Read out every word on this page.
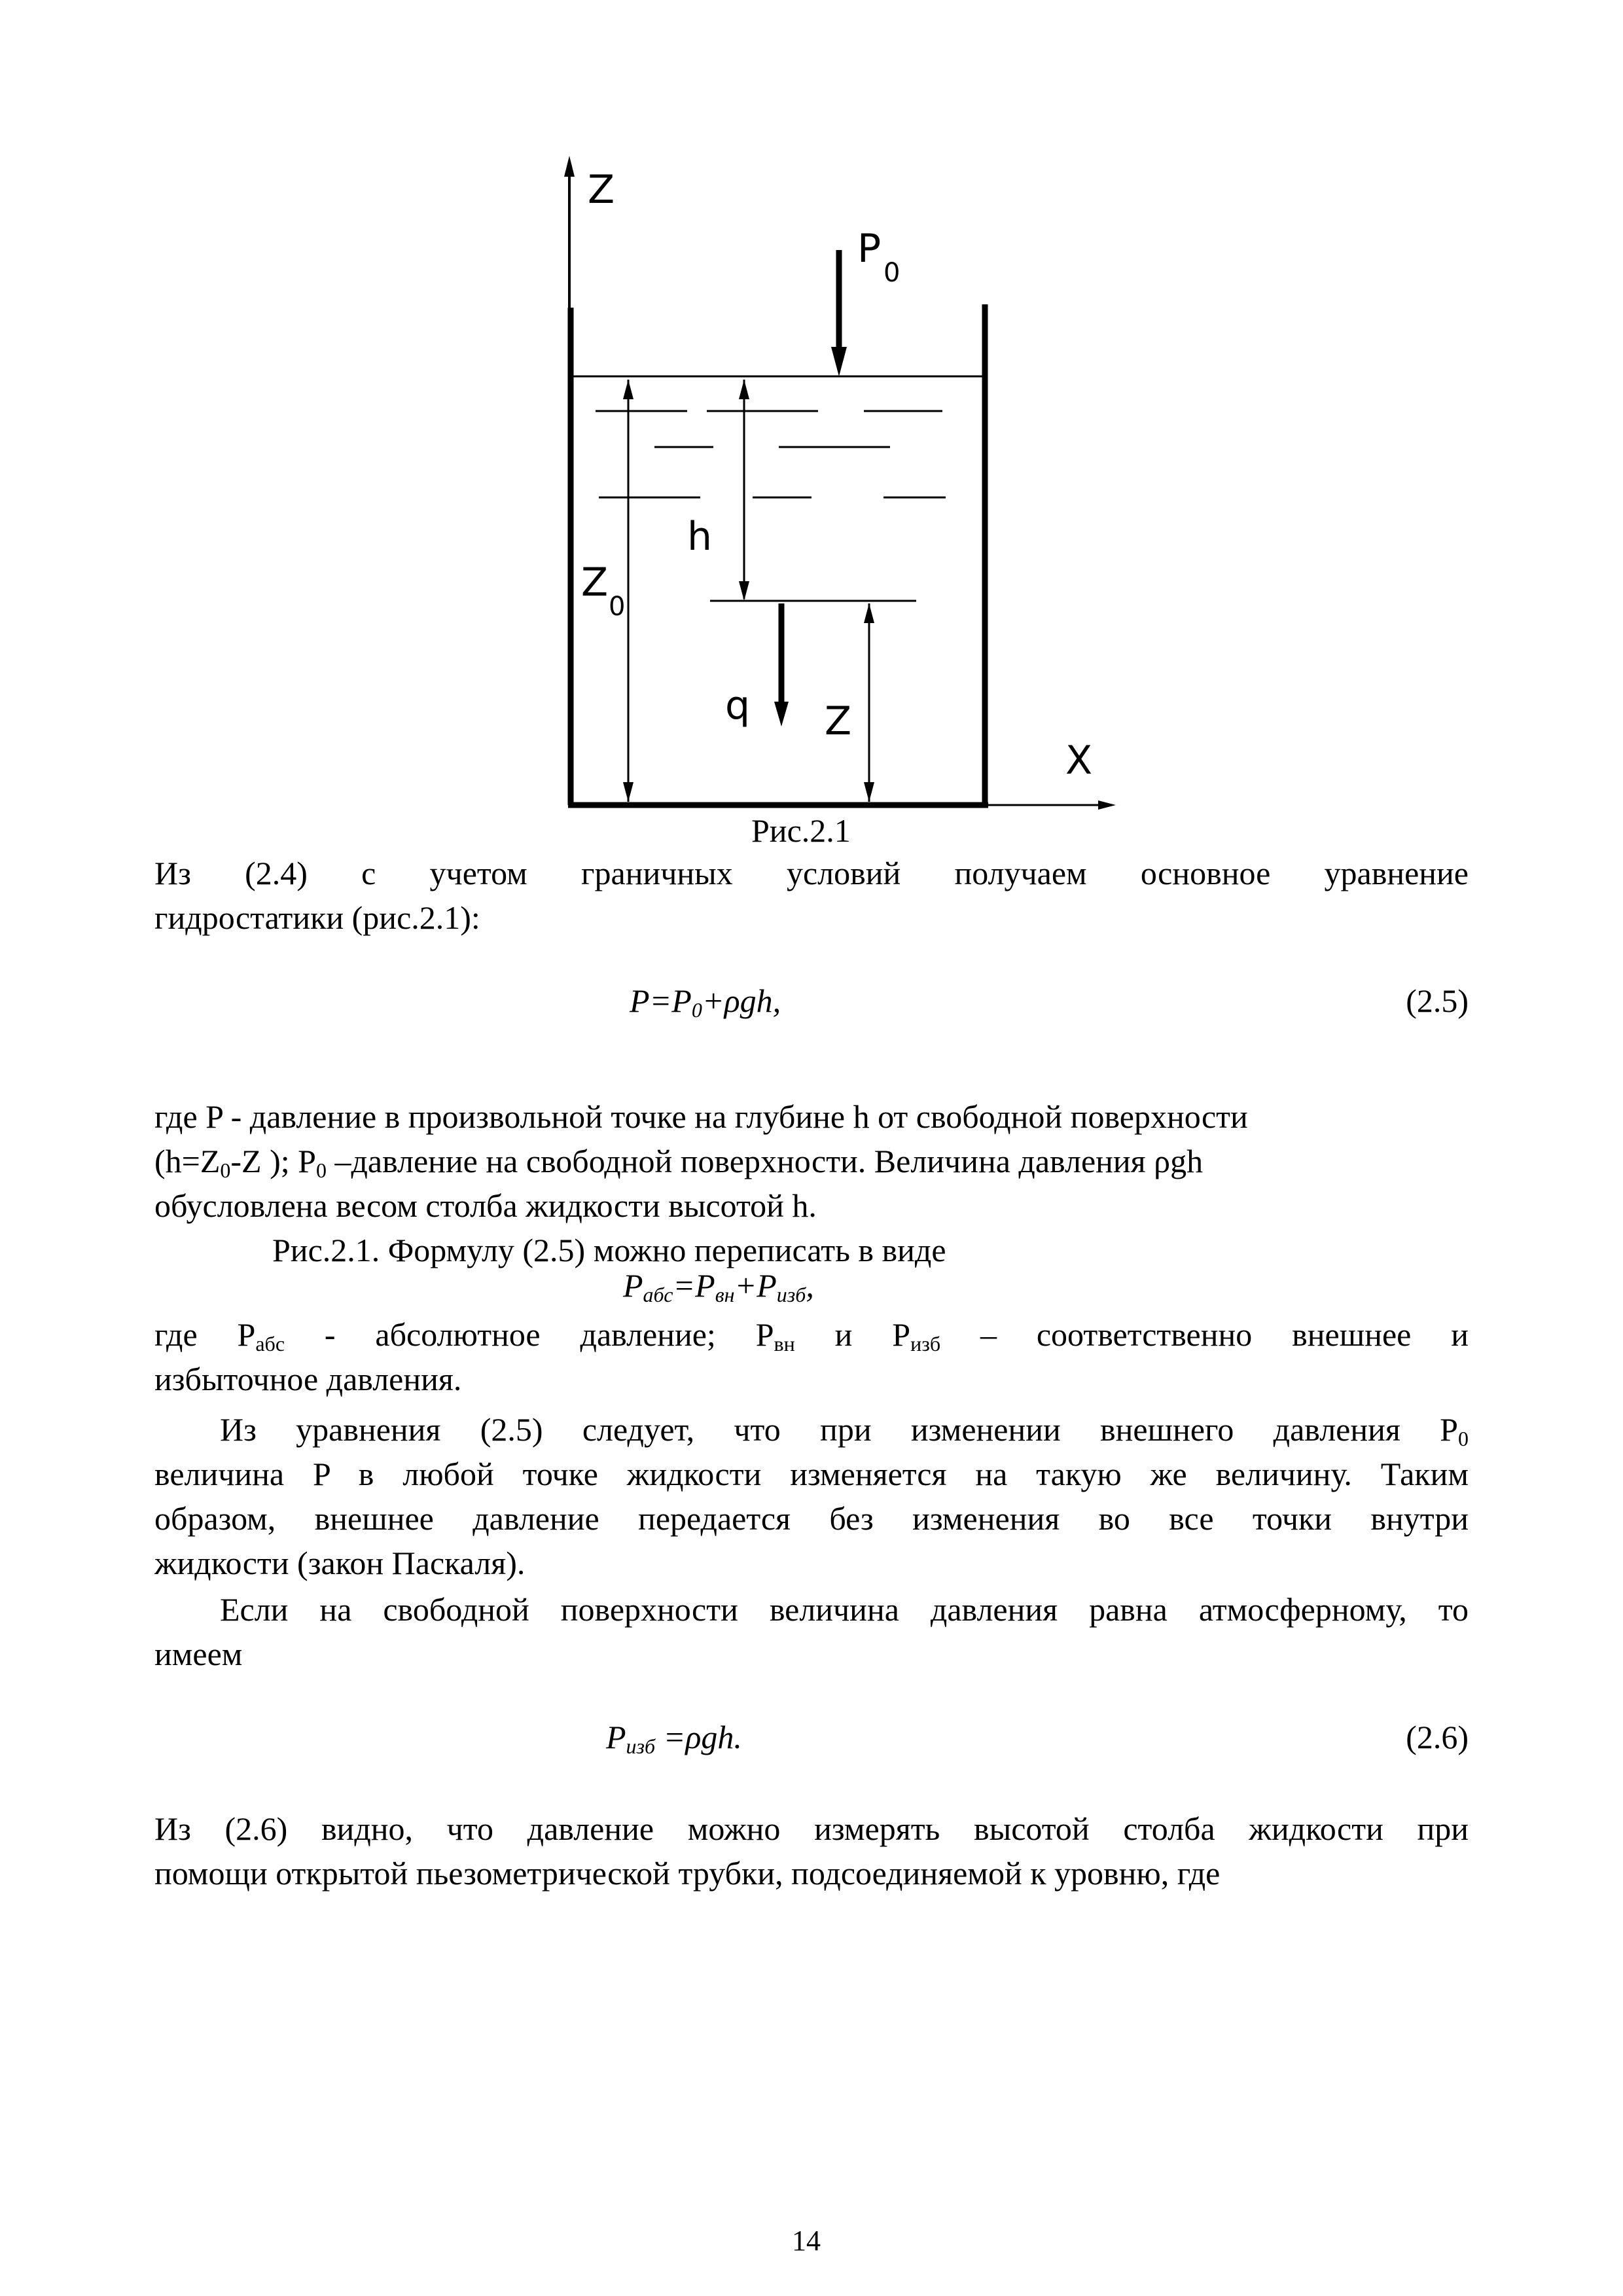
Z
X
P
0
Z
0
h
q Z
Рис.2.1
Из (2.4) с учетом граничных условий получаем основное уравнение
гидростатики (рис.2.1):
$P=P_0+\rho gh$,	(2.5)
где P - давление в произвольной точке на глубине h от свободной поверхности
($h=Z_0-Z$ ); $P_0$ –давление на свободной поверхности. Величина давления ρgh
обусловлена весом столба жидкости высотой h.
Рис.2.1. Формулу (2.5) можно переписать в виде
$P_{абс}=P_{вн}+P_{изб}$,
где $P_{абс}$ - абсолютное давление; $P_{вн}$ и $P_{изб}$ – соответственно внешнее и
избыточное давления.
Из уравнения (2.5) следует, что при изменении внешнего давления $P_0$
величина P в любой точке жидкости изменяется на такую же величину. Таким
образом, внешнее давление передается без изменения во все точки внутри
жидкости (закон Паскаля).
Если на свободной поверхности величина давления равна атмосферному, то
имеем
$P_{изб} =\rho gh$.	(2.6)
Из (2.6) видно, что давление можно измерять высотой столба жидкости при
помощи открытой пьезометрической трубки, подсоединяемой к уровню, где
14
